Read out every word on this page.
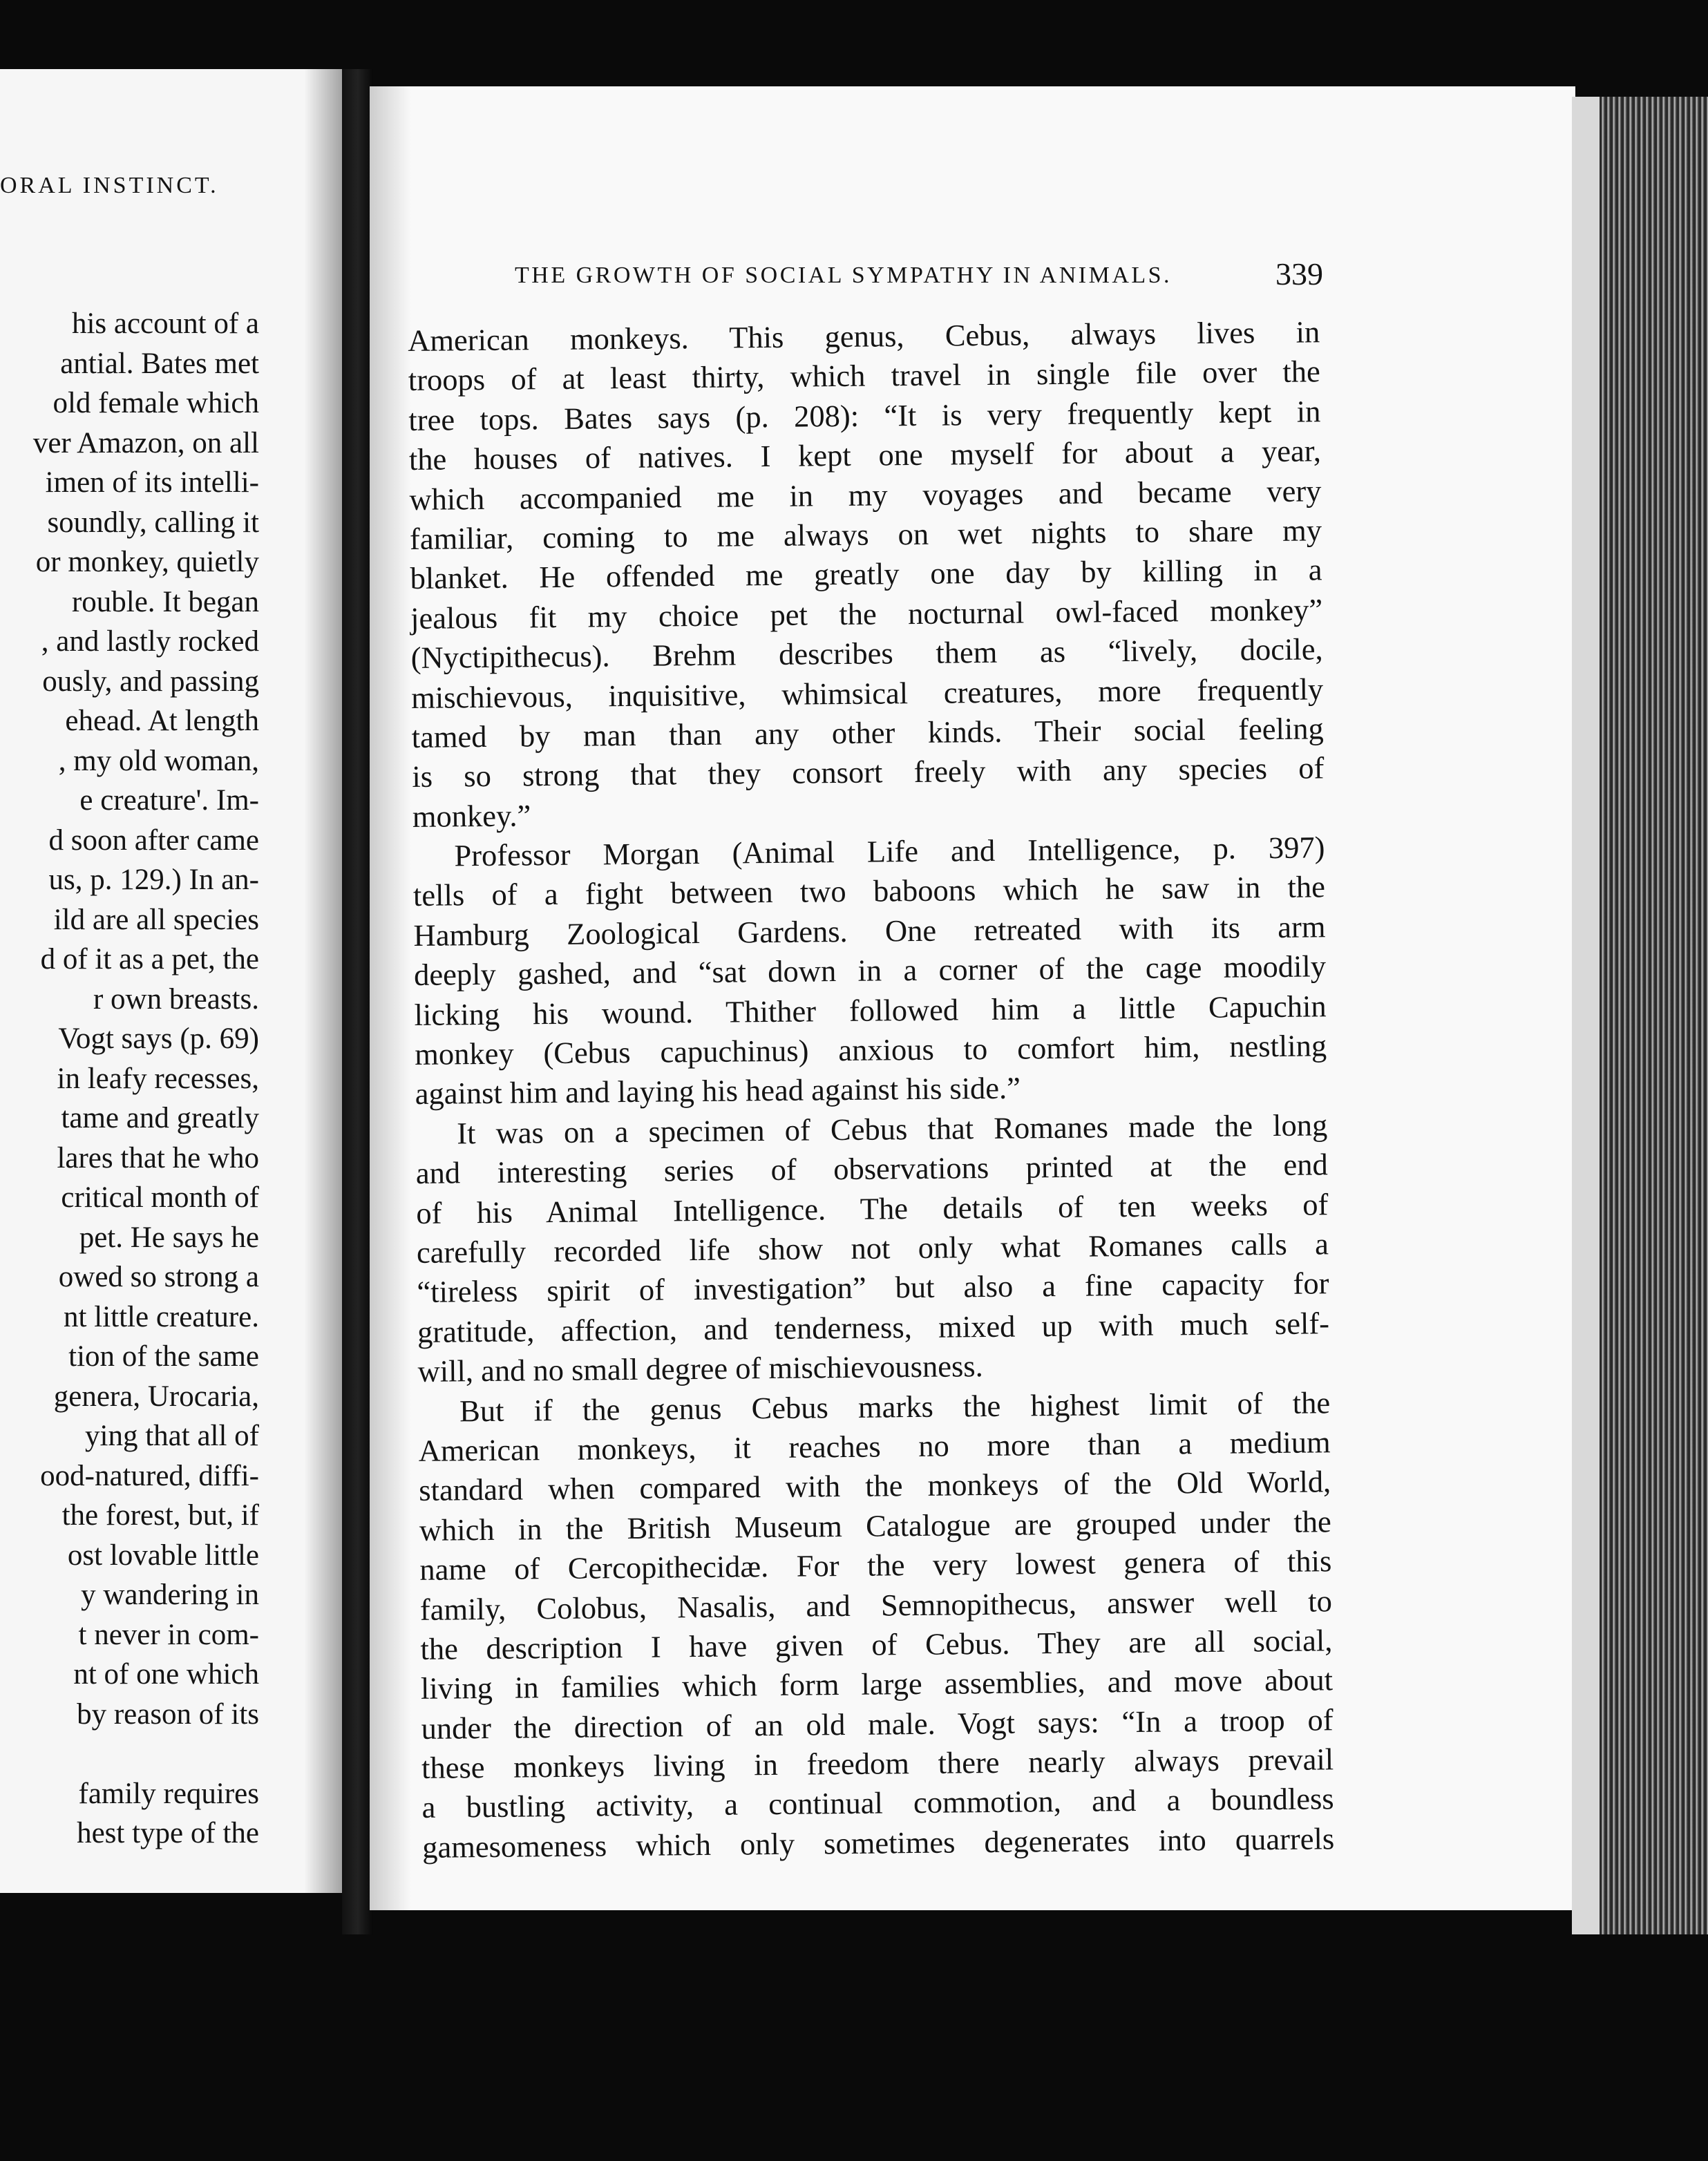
ORAL INSTINCT.
his account of a
antial. Bates met
old female which
ver Amazon, on all
imen of its intelli-
soundly, calling it
or monkey, quietly
rouble. It began
, and lastly rocked
ously, and passing
ehead. At length
, my old woman,
e creature'. Im-
d soon after came
us, p. 129.) In an-
ild are all species
d of it as a pet, the
r own breasts.
Vogt says (p. 69)
in leafy recesses,
tame and greatly
lares that he who
critical month of
pet. He says he
owed so strong a
nt little creature.
tion of the same
genera, Urocaria,
ying that all of
ood-natured, diffi-
the forest, but, if
ost lovable little
y wandering in
t never in com-
nt of one which
by reason of its
family requires
hest type of the
THE GROWTH OF SOCIAL SYMPATHY IN ANIMALS.	339
American monkeys. This genus, Cebus, always lives in
troops of at least thirty, which travel in single file over the
tree tops. Bates says (p. 208): “It is very frequently kept in
the houses of natives. I kept one myself for about a year,
which accompanied me in my voyages and became very
familiar, coming to me always on wet nights to share my
blanket. He offended me greatly one day by killing in a
jealous fit my choice pet the nocturnal owl-faced monkey”
(Nyctipithecus). Brehm describes them as “lively, docile,
mischievous, inquisitive, whimsical creatures, more frequently
tamed by man than any other kinds. Their social feeling
is so strong that they consort freely with any species of
monkey.”
Professor Morgan (Animal Life and Intelligence, p. 397)
tells of a fight between two baboons which he saw in the
Hamburg Zoological Gardens. One retreated with its arm
deeply gashed, and “sat down in a corner of the cage moodily
licking his wound. Thither followed him a little Capuchin
monkey (Cebus capuchinus) anxious to comfort him, nestling
against him and laying his head against his side.”
It was on a specimen of Cebus that Romanes made the long
and interesting series of observations printed at the end
of his Animal Intelligence. The details of ten weeks of
carefully recorded life show not only what Romanes calls a
“tireless spirit of investigation” but also a fine capacity for
gratitude, affection, and tenderness, mixed up with much self-
will, and no small degree of mischievousness.
But if the genus Cebus marks the highest limit of the
American monkeys, it reaches no more than a medium
standard when compared with the monkeys of the Old World,
which in the British Museum Catalogue are grouped under the
name of Cercopithecidæ. For the very lowest genera of this
family, Colobus, Nasalis, and Semnopithecus, answer well to
the description I have given of Cebus. They are all social,
living in families which form large assemblies, and move about
under the direction of an old male. Vogt says: “In a troop of
these monkeys living in freedom there nearly always prevail
a bustling activity, a continual commotion, and a boundless
gamesomeness which only sometimes degenerates into quarrels
